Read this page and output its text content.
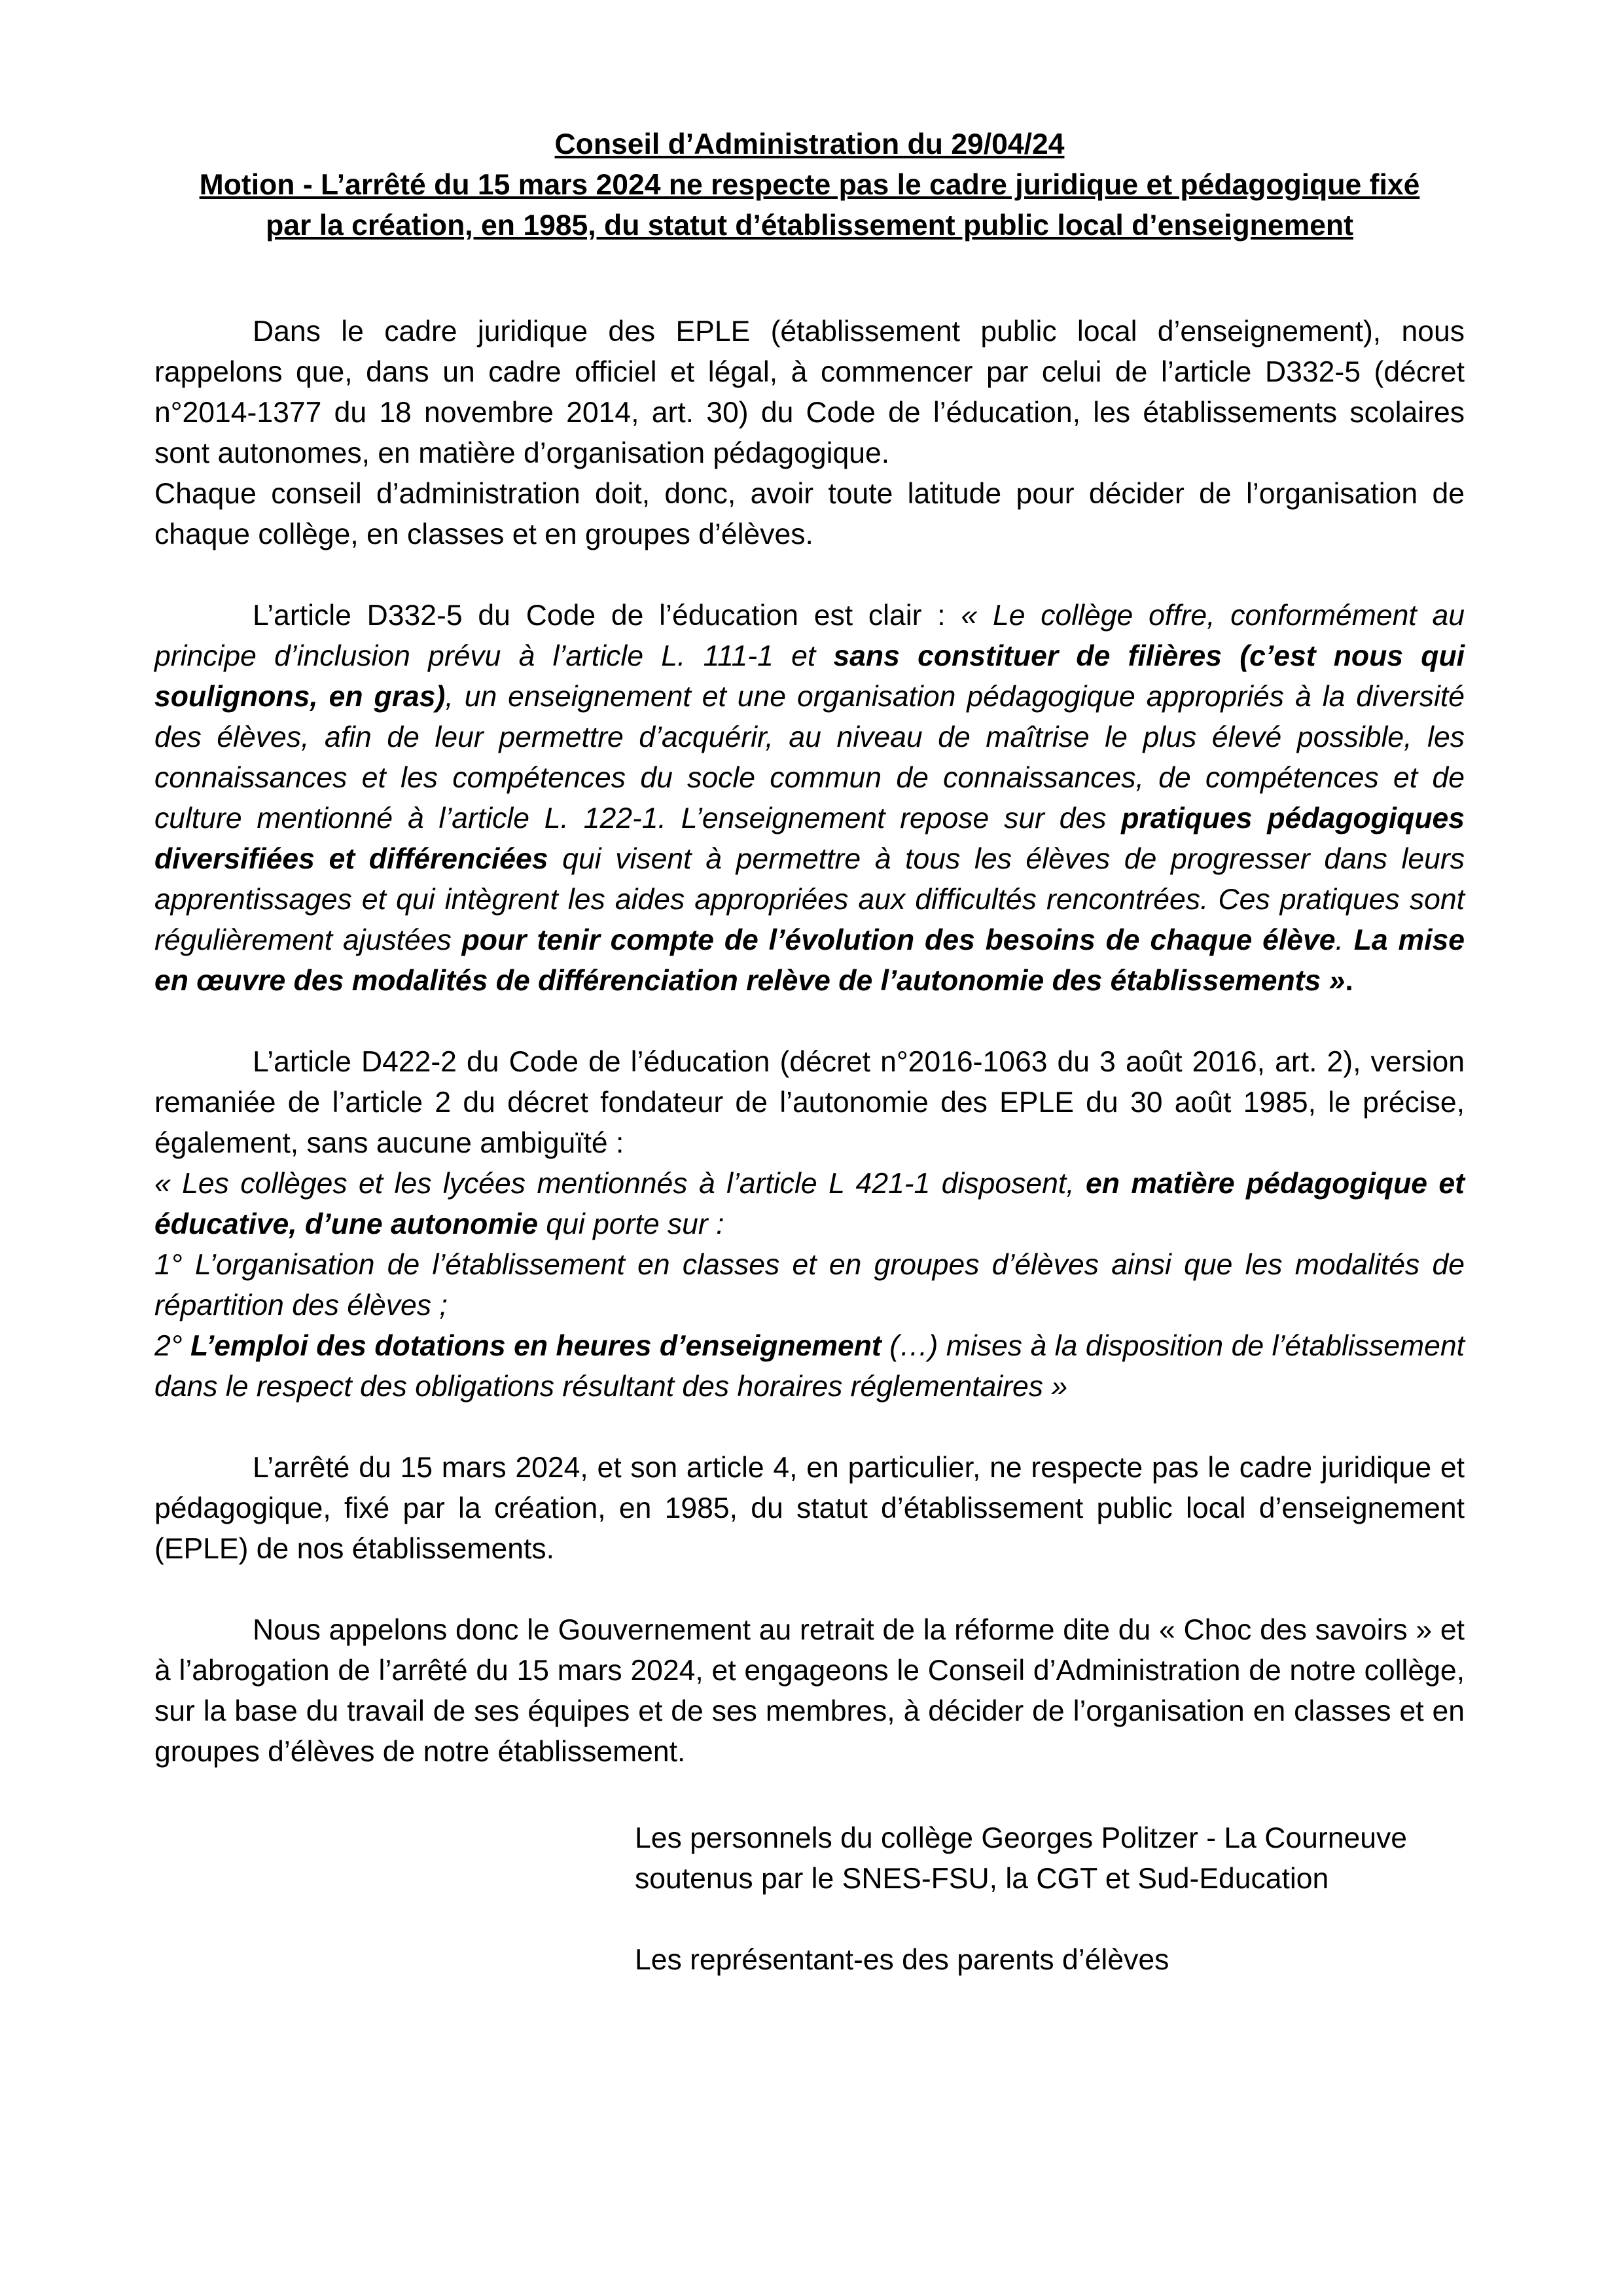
Conseil d’Administration du 29/04/24
Motion - L’arrêté du 15 mars 2024 ne respecte pas le cadre juridique et pédagogique fixé
par la création, en 1985, du statut d’établissement public local d’enseignement

Dans le cadre juridique des EPLE (établissement public local d’enseignement), nous rappelons que, dans un cadre officiel et légal, à commencer par celui de l’article D332-5 (décret n°2014-1377 du 18 novembre 2014, art. 30) du Code de l’éducation, les établissements scolaires sont autonomes, en matière d’organisation pédagogique.

Chaque conseil d’administration doit, donc, avoir toute latitude pour décider de l’organisation de chaque collège, en classes et en groupes d’élèves.

L’article D332-5 du Code de l’éducation est clair : « Le collège offre, conformément au principe d’inclusion prévu à l’article L. 111-1 et sans constituer de filières (c’est nous qui soulignons, en gras), un enseignement et une organisation pédagogique appropriés à la diversité des élèves, afin de leur permettre d’acquérir, au niveau de maîtrise le plus élevé possible, les connaissances et les compétences du socle commun de connaissances, de compétences et de culture mentionné à l’article L. 122-1. L’enseignement repose sur des pratiques pédagogiques diversifiées et différenciées qui visent à permettre à tous les élèves de progresser dans leurs apprentissages et qui intègrent les aides appropriées aux difficultés rencontrées. Ces pratiques sont régulièrement ajustées pour tenir compte de l’évolution des besoins de chaque élève. La mise en œuvre des modalités de différenciation relève de l’autonomie des établissements ».

L’article D422-2 du Code de l’éducation (décret n°2016-1063 du 3 août 2016, art. 2), version remaniée de l’article 2 du décret fondateur de l’autonomie des EPLE du 30 août 1985, le précise, également, sans aucune ambiguïté :

« Les collèges et les lycées mentionnés à l’article L 421-1 disposent, en matière pédagogique et éducative, d’une autonomie qui porte sur :

1° L’organisation de l’établissement en classes et en groupes d’élèves ainsi que les modalités de répartition des élèves ;

2° L’emploi des dotations en heures d’enseignement (…) mises à la disposition de l’établissement dans le respect des obligations résultant des horaires réglementaires »

L’arrêté du 15 mars 2024, et son article 4, en particulier, ne respecte pas le cadre juridique et pédagogique, fixé par la création, en 1985, du statut d’établissement public local d’enseignement (EPLE) de nos établissements.

Nous appelons donc le Gouvernement au retrait de la réforme dite du « Choc des savoirs » et à l’abrogation de l’arrêté du 15 mars 2024, et engageons le Conseil d’Administration de notre collège, sur la base du travail de ses équipes et de ses membres, à décider de l’organisation en classes et en groupes d’élèves de notre établissement.

Les personnels du collège Georges Politzer - La Courneuve
soutenus par le SNES-FSU, la CGT et Sud-Education
Les représentant-es des parents d’élèves
